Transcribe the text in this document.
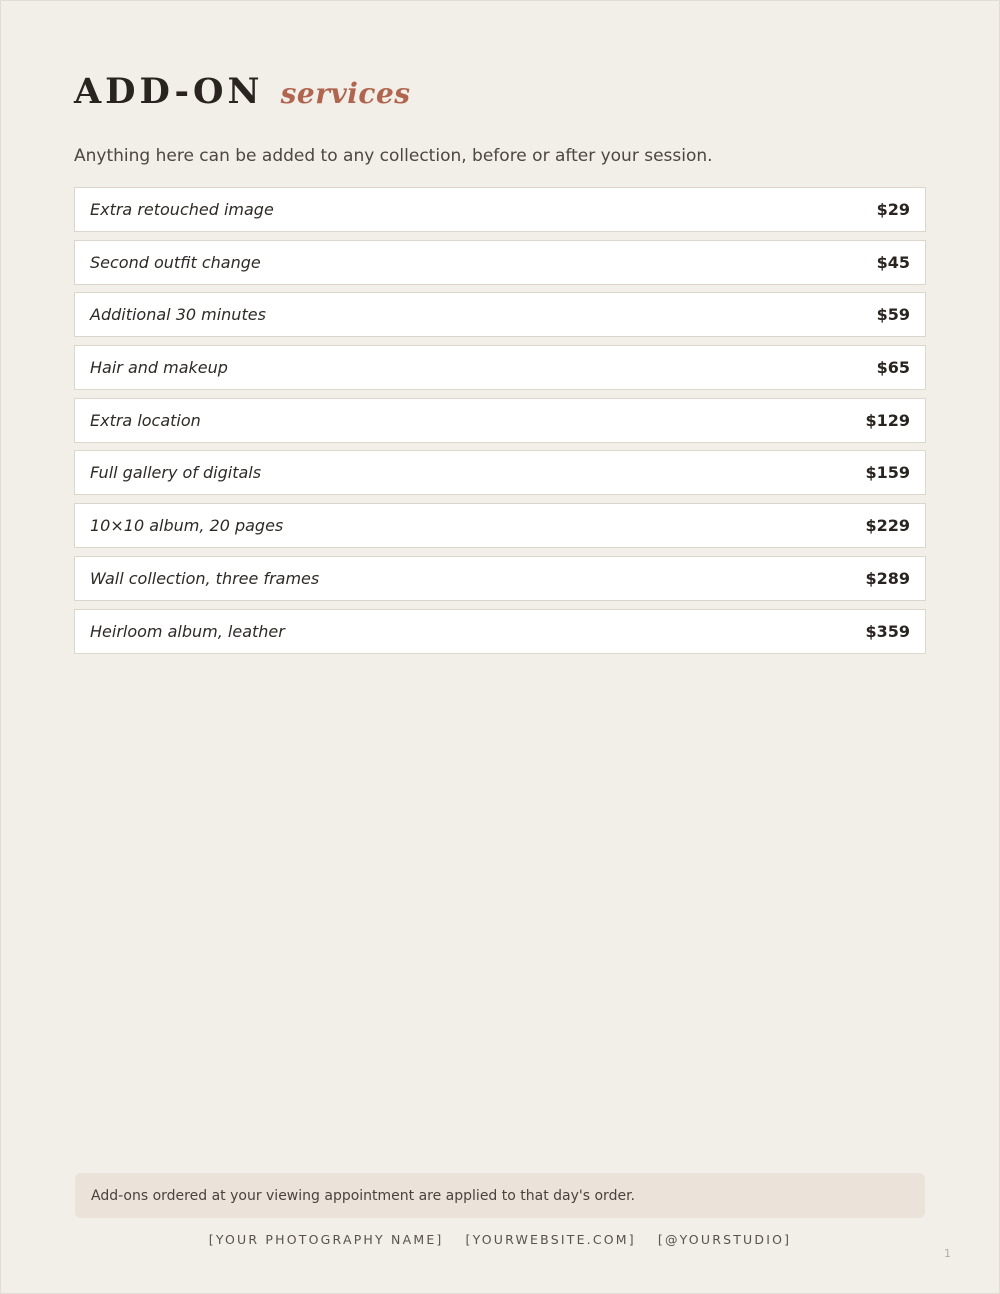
ADD-ON services

Anything here can be added to any collection, before or after your session.

Extra retouched image	$29
Second outfit change	$45
Additional 30 minutes	$59
Hair and makeup	$65
Extra location	$129
Full gallery of digitals	$159
10×10 album, 20 pages	$229
Wall collection, three frames	$289
Heirloom album, leather	$359
Add-ons ordered at your viewing appointment are applied to that day's order.
[YOUR PHOTOGRAPHY NAME] [YOURWEBSITE.COM] [@YOURSTUDIO]
1
